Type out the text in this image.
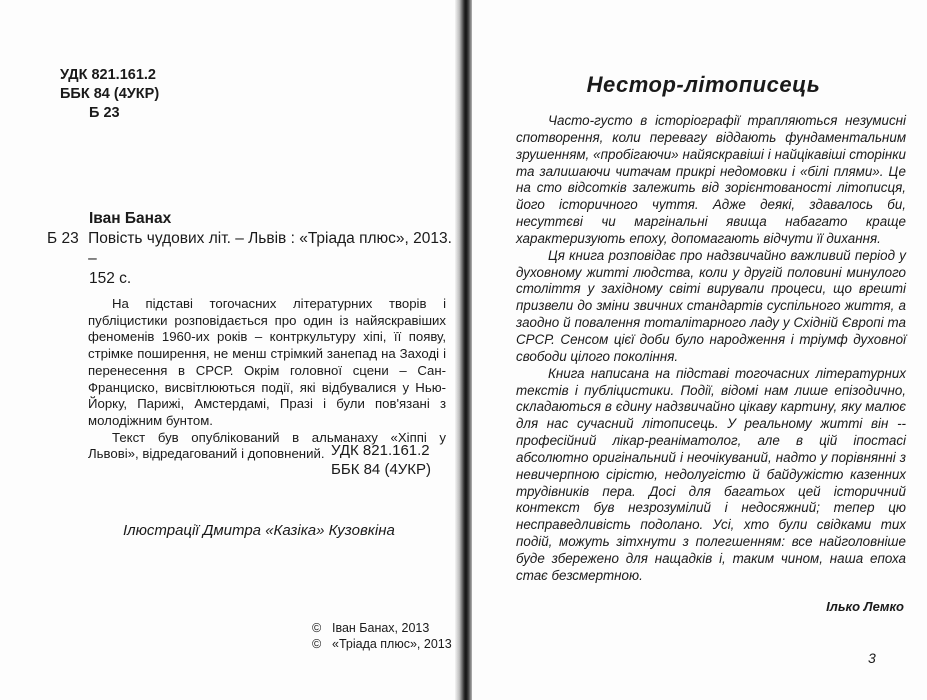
УДК 821.161.2
ББК 84 (4УКР)
Б 23
Іван Банах
Б 23 Повість чудових літ. – Львів : «Тріада плюс», 2013. –
152 с.

На підставі тогочасних літературних творів і публіцистики розповідається про один із найяскравіших феноменів 1960-их років – контркультуру хіпі, її появу, стрімке поширення, не менш стрімкий занепад на Заході і перенесення в СРСР. Окрім головної сцени – Сан-Франциско, висвітлюються події, які відбувалися у Нью-Йорку, Парижі, Амстердамі, Празі і були пов'язані з молодіжним бунтом.

Текст був опублікований в альманаху «Хіппі у Львові», відредагований і доповнений. УДК 821.161.2
ББК 84 (4УКР)
Ілюстрації Дмитра «Казіка» Кузовкіна
© Іван Банах, 2013
© «Тріада плюс», 2013
Нестор-літописець

Часто-густо в історіографії трапляються незумисні спотворення, коли перевагу віддають фундаментальним зрушенням, «пробігаючи» найяскравіші і найцікавіші сторінки та залишаючи читачам прикрі недомовки і «білі плями». Це на сто відсотків залежить від зорієнтованості літописця, його історичного чуття. Адже деякі, здавалось би, несуттєві чи маргінальні явища набагато краще характеризують епоху, допомагають відчути її дихання.

Ця книга розповідає про надзвичайно важливий період у духовному житті людства, коли у другій половині минулого століття у західному світі вирували процеси, що врешті призвели до зміни звичних стандартів суспільного життя, а заодно й повалення тоталітарного ладу у Східній Європі та СРСР. Сенсом цієї доби було народження і тріумф духовної свободи цілого покоління.

Книга написана на підставі тогочасних літературних текстів і публіцистики. Події, відомі нам лише епізодично, складаються в єдину надзвичайно цікаву картину, яку малює для нас сучасний літописець. У реальному житті він -- професійний лікар-реаніматолог, але в цій іпостасі абсолютно оригінальний і неочікуваний, надто у порівнянні з невичерпною сірістю, недолугістю й байдужістю казенних трудівників пера. Досі для багатьох цей історичний контекст був незрозумілий і недосяжний; тепер цю несправедливість подолано. Усі, хто були свідками тих подій, можуть зітхнути з полегшенням: все найголовніше буде збережено для нащадків і, таким чином, наша епоха стає безсмертною.

Ілько Лемко
3
